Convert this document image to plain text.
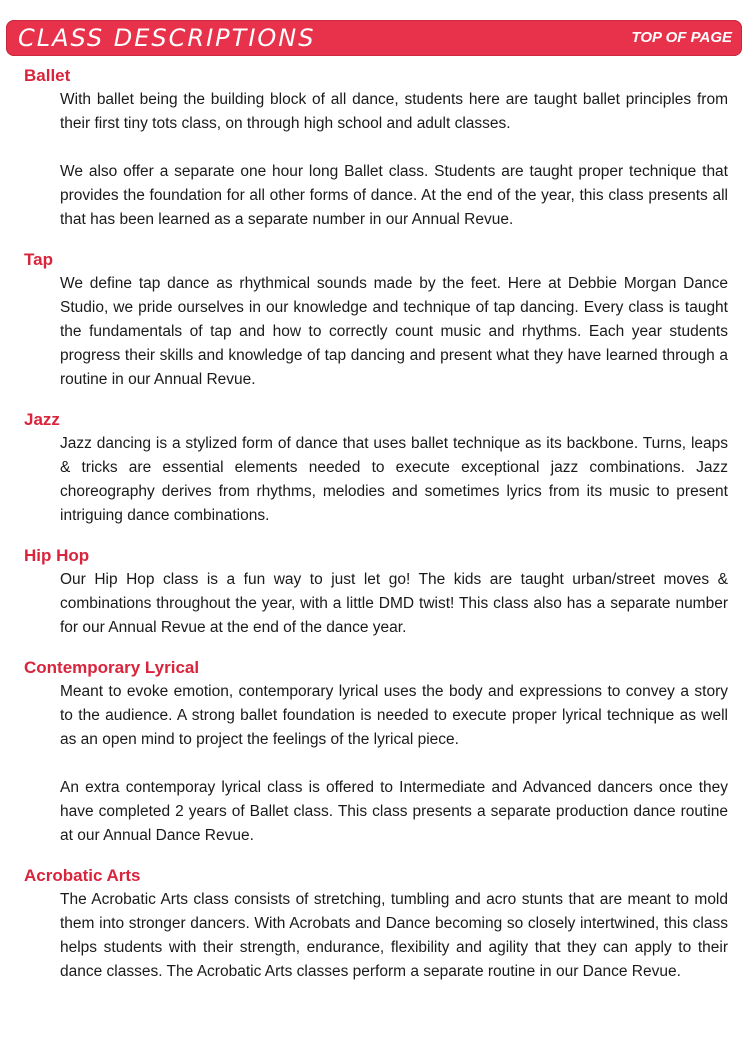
CLASS DESCRIPTIONS	TOP OF PAGE
Ballet

With ballet being the building block of all dance, students here are taught ballet principles from their first tiny tots class, on through high school and adult classes.

We also offer a separate one hour long Ballet class. Students are taught proper technique that provides the foundation for all other forms of dance. At the end of the year, this class presents all that has been learned as a separate number in our Annual Revue.

Tap

We define tap dance as rhythmical sounds made by the feet. Here at Debbie Morgan Dance Studio, we pride ourselves in our knowledge and technique of tap dancing. Every class is taught the fundamentals of tap and how to correctly count music and rhythms. Each year students progress their skills and knowledge of tap dancing and present what they have learned through a routine in our Annual Revue.

Jazz

Jazz dancing is a stylized form of dance that uses ballet technique as its backbone. Turns, leaps & tricks are essential elements needed to execute exceptional jazz combinations. Jazz choreography derives from rhythms, melodies and sometimes lyrics from its music to present intriguing dance combinations.

Hip Hop

Our Hip Hop class is a fun way to just let go! The kids are taught urban/street moves & combinations throughout the year, with a little DMD twist! This class also has a separate number for our Annual Revue at the end of the dance year.

Contemporary Lyrical

Meant to evoke emotion, contemporary lyrical uses the body and expressions to convey a story to the audience. A strong ballet foundation is needed to execute proper lyrical technique as well as an open mind to project the feelings of the lyrical piece.

An extra contemporay lyrical class is offered to Intermediate and Advanced dancers once they have completed 2 years of Ballet class. This class presents a separate production dance routine at our Annual Dance Revue.

Acrobatic Arts

The Acrobatic Arts class consists of stretching, tumbling and acro stunts that are meant to mold them into stronger dancers. With Acrobats and Dance becoming so closely intertwined, this class helps students with their strength, endurance, flexibility and agility that they can apply to their dance classes. The Acrobatic Arts classes perform a separate routine in our Dance Revue.
